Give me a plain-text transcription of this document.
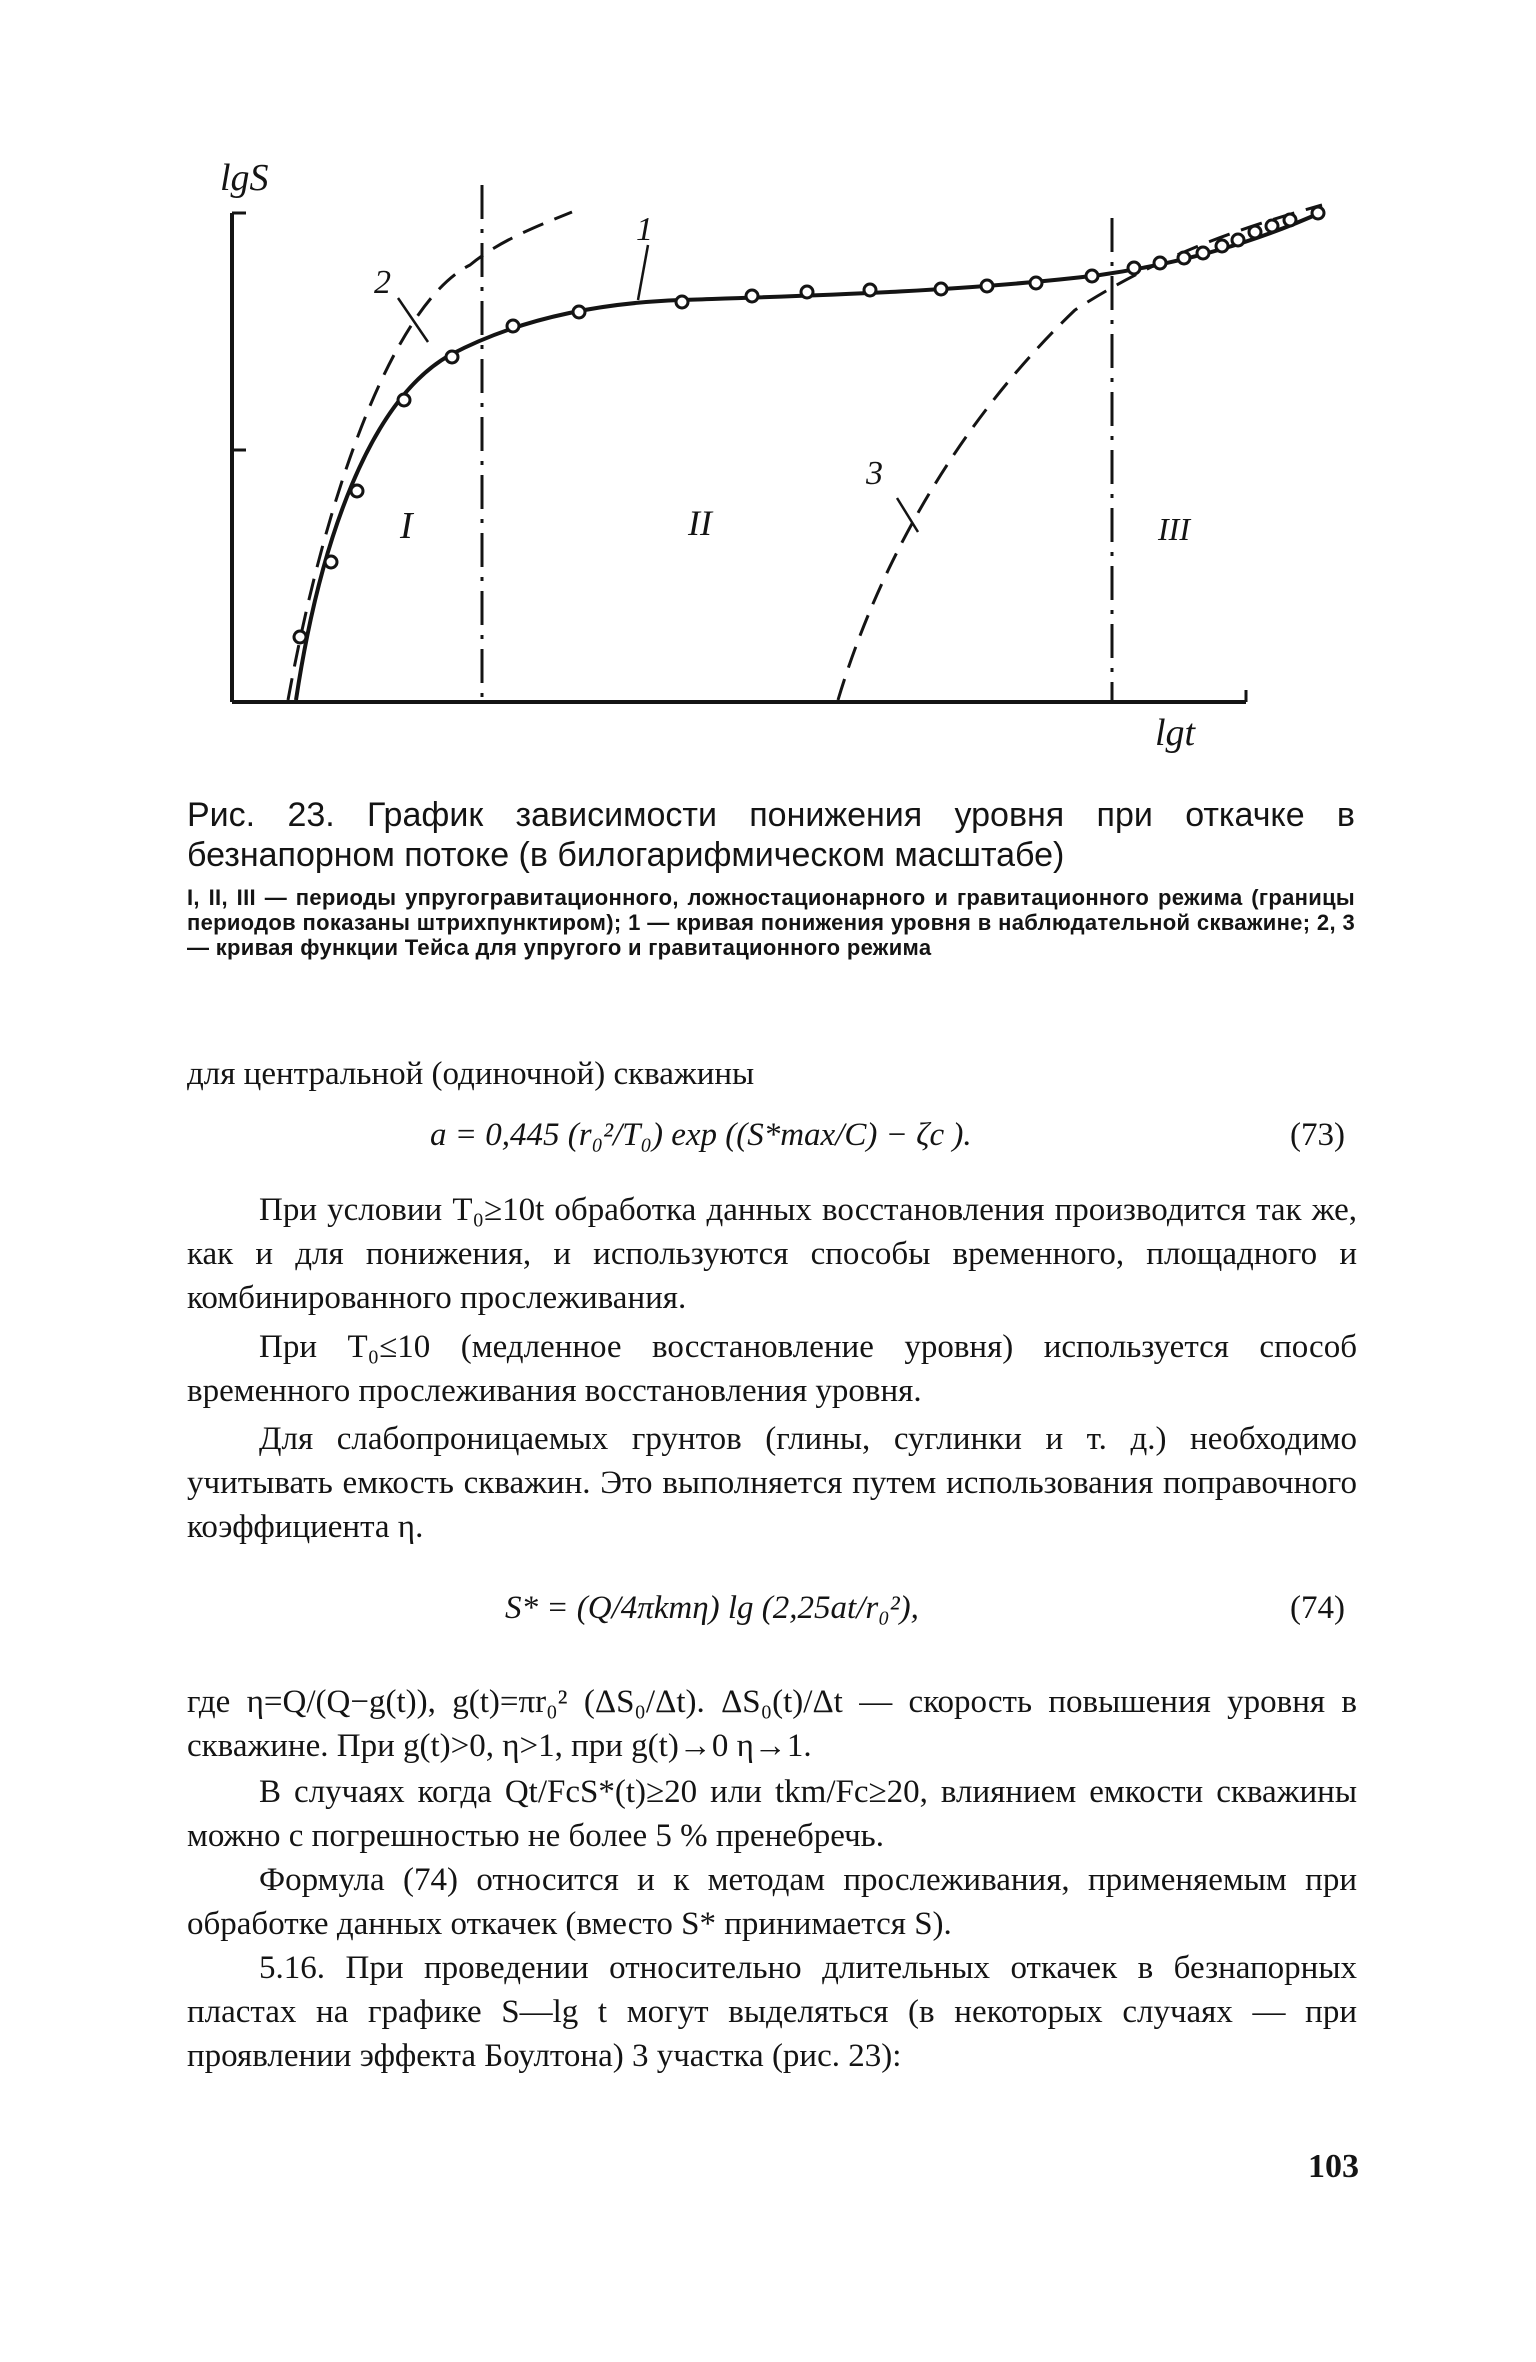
lgS
lgt
1
2
3
I	II	III
Рис. 23. График зависимости понижения уровня при откачке в безнапорном потоке (в билогарифмическом масштабе)
I, II, III — периоды упругогравитационного, ложностационарного и гравитационного режима (границы периодов показаны штрихпунктиром); 1 — кривая понижения уровня в наблюдательной скважине; 2, 3 — кривая функции Тейса для упругого и гравитационного режима
для центральной (одиночной) скважины
a = 0,445 (r₀²/T₀) exp ((S*max/C) − ζc ).	(73)
При условии T₀≥10t обработка данных восстановления производится так же, как и для понижения, и используются способы временного, площадного и комбинированного прослеживания.
При T₀≤10 (медленное восстановление уровня) используется способ временного прослеживания восстановления уровня.
Для слабопроницаемых грунтов (глины, суглинки и т. д.) необходимо учитывать емкость скважин. Это выполняется путем использования поправочного коэффициента η.
S* = (Q/4πkmη) lg (2,25at/r₀²),	(74)
где η=Q/(Q−g(t)), g(t)=πr₀² (ΔS₀/Δt). ΔS₀(t)/Δt — скорость повышения уровня в скважине. При g(t)>0, η>1, при g(t)→0 η→1.
В случаях когда Qt/FcS*(t)≥20 или tkm/Fc≥20, влиянием емкости скважины можно с погрешностью не более 5 % пренебречь.
Формула (74) относится и к методам прослеживания, применяемым при обработке данных откачек (вместо S* принимается S).
5.16. При проведении относительно длительных откачек в безнапорных пластах на графике S—lg t могут выделяться (в некоторых случаях — при проявлении эффекта Боултона) 3 участка (рис. 23):
103
